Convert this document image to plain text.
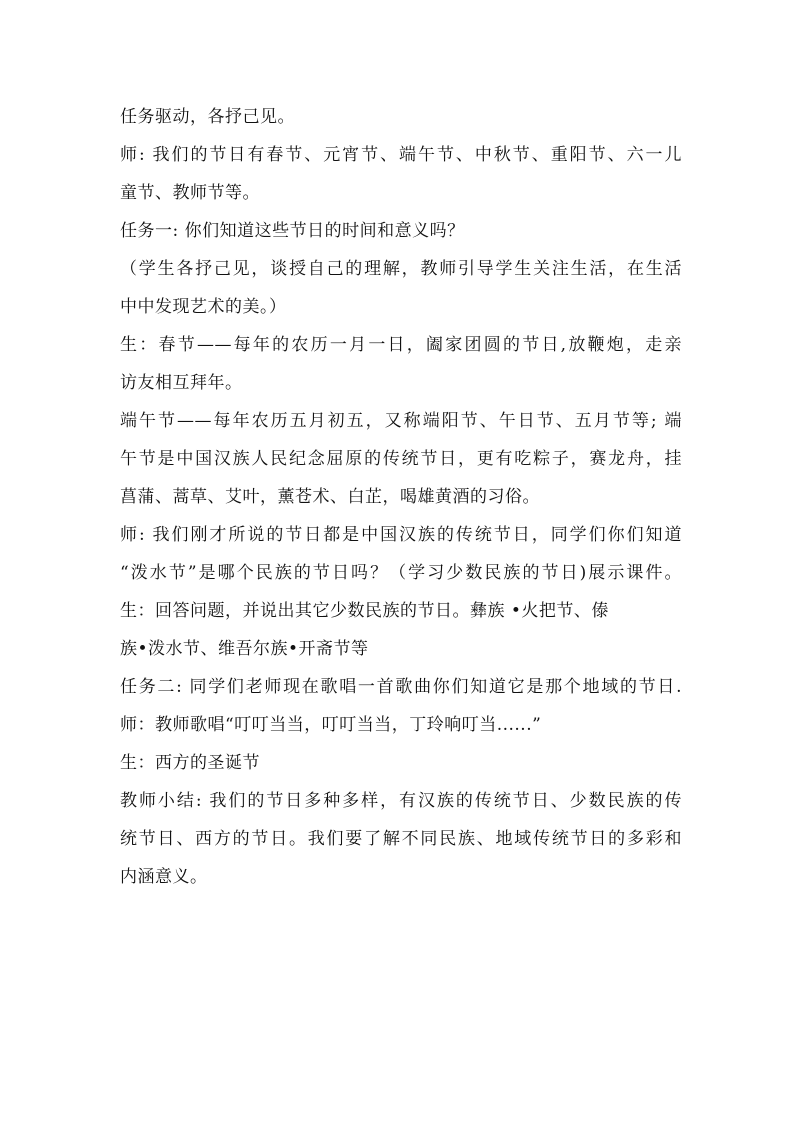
任务驱动，各抒己见。
师: 我们的节日有春节、元宵节、端午节、中秋节、重阳节、六一儿
童节、教师节等。
任务一: 你们知道这些节日的时间和意义吗？
（学生各抒己见，谈授自己的理解，教师引导学生关注生活，在生活
中中发现艺术的美。）
生：春节——每年的农历一月一日，阖家团圆的节日,放鞭炮，走亲
访友相互拜年。
端午节——每年农历五月初五，又称端阳节、午日节、五月节等; 端
午节是中国汉族人民纪念屈原的传统节日，更有吃粽子，赛龙舟，挂
菖蒲、蒿草、艾叶，薰苍术、白芷，喝雄黄酒的习俗。
师: 我们刚才所说的节日都是中国汉族的传统节日，同学们你们知道
“泼水节”是哪个民族的节日吗？（学习少数民族的节日)展示课件。
生：回答问题，并说出其它少数民族的节日。彝族 •火把节、傣
族•泼水节、维吾尔族•开斋节等
任务二: 同学们老师现在歌唱一首歌曲你们知道它是那个地域的节日.
师：教师歌唱“叮叮当当，叮叮当当，丁玲响叮当......”
生：西方的圣诞节
教师小结: 我们的节日多种多样，有汉族的传统节日、少数民族的传
统节日、西方的节日。我们要了解不同民族、地域传统节日的多彩和
内涵意义。
